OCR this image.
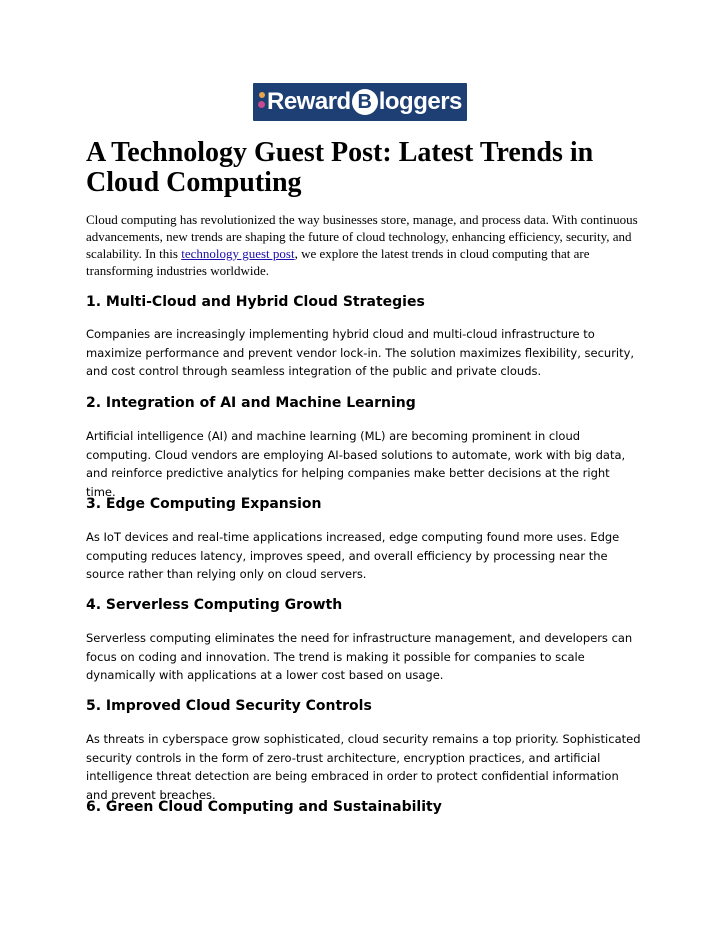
Reward B loggers
A Technology Guest Post: Latest Trends in Cloud Computing

Cloud computing has revolutionized the way businesses store, manage, and process data. With continuous advancements, new trends are shaping the future of cloud technology, enhancing efficiency, security, and scalability. In this technology guest post, we explore the latest trends in cloud computing that are transforming industries worldwide.

1. Multi-Cloud and Hybrid Cloud Strategies

Companies are increasingly implementing hybrid cloud and multi-cloud infrastructure to maximize performance and prevent vendor lock-in. The solution maximizes flexibility, security, and cost control through seamless integration of the public and private clouds.

2. Integration of AI and Machine Learning

Artificial intelligence (AI) and machine learning (ML) are becoming prominent in cloud computing. Cloud vendors are employing AI-based solutions to automate, work with big data, and reinforce predictive analytics for helping companies make better decisions at the right time.

3. Edge Computing Expansion

As IoT devices and real-time applications increased, edge computing found more uses. Edge computing reduces latency, improves speed, and overall efficiency by processing near the source rather than relying only on cloud servers.

4. Serverless Computing Growth

Serverless computing eliminates the need for infrastructure management, and developers can focus on coding and innovation. The trend is making it possible for companies to scale dynamically with applications at a lower cost based on usage.

5. Improved Cloud Security Controls

As threats in cyberspace grow sophisticated, cloud security remains a top priority. Sophisticated security controls in the form of zero-trust architecture, encryption practices, and artificial intelligence threat detection are being embraced in order to protect confidential information and prevent breaches.

6. Green Cloud Computing and Sustainability
